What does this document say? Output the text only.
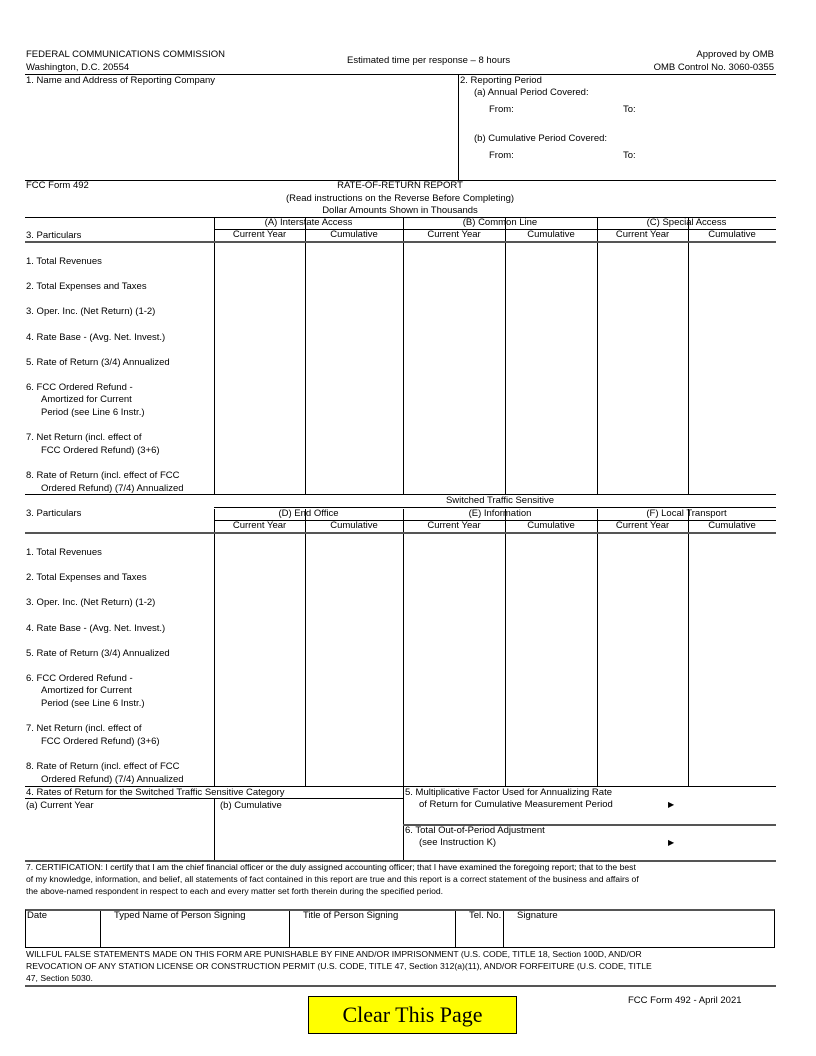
FEDERAL COMMUNICATIONS COMMISSION
Washington, D.C. 20554
Estimated time per response – 8 hours
Approved by OMB
OMB Control No. 3060-0355
1. Name and Address of Reporting Company	2. Reporting Period
(a) Annual Period Covered:
From:	To:
(b) Cumulative Period Covered:
From:	To:
FCC Form 492	RATE-OF-RETURN REPORT
(Read instructions on the Reverse Before Completing)
Dollar Amounts Shown in Thousands
(A) Interstate Access
Current Year	Cumulative
(B) Common Line
Current Year	Cumulative
(C) Special Access
Current Year	Cumulative
3. Particulars
1. Total Revenues
2. Total Expenses and Taxes
3. Oper. Inc. (Net Return) (1-2)
4. Rate Base - (Avg. Net. Invest.)
5. Rate of Return (3/4) Annualized
6. FCC Ordered Refund -
Amortized for Current
Period (see Line 6 Instr.)
7. Net Return (incl. effect of
FCC Ordered Refund) (3+6)
8. Rate of Return (incl. effect of FCC
Ordered Refund) (7/4) Annualized
Switched Traffic Sensitive
(D) End Office
Current Year	Cumulative
(E) Information
Current Year	Cumulative
(F) Local Transport
Current Year	Cumulative
3. Particulars
1. Total Revenues
2. Total Expenses and Taxes
3. Oper. Inc. (Net Return) (1-2)
4. Rate Base - (Avg. Net. Invest.)
5. Rate of Return (3/4) Annualized
6. FCC Ordered Refund -
Amortized for Current
Period (see Line 6 Instr.)
7. Net Return (incl. effect of
FCC Ordered Refund) (3+6)
8. Rate of Return (incl. effect of FCC
Ordered Refund) (7/4) Annualized
Date	Typed Name of Person Signing	Title of Person Signing	Tel. No. Signature
4. Rates of Return for the Switched Traffic Sensitive Category
(a) Current Year	(b) Cumulative
5. Multiplicative Factor Used for Annualizing Rate
of Return for Cumulative Measurement Period	▶
6. Total Out-of-Period Adjustment
(see Instruction K)	▶
7. CERTIFICATION: I certify that I am the chief financial officer or the duly assigned accounting officer; that I have examined the foregoing report; that to the best
of my knowledge, information, and belief, all statements of fact contained in this report are true and this report is a correct statement of the business and affairs of
the above-named respondent in respect to each and every matter set forth therein during the specified period.
WILLFUL FALSE STATEMENTS MADE ON THIS FORM ARE PUNISHABLE BY FINE AND/OR IMPRISONMENT (U.S. CODE, TITLE 18, Section 100D, AND/OR
REVOCATION OF ANY STATION LICENSE OR CONSTRUCTION PERMIT (U.S. CODE, TITLE 47, Section 312(a)(11), AND/OR FORFEITURE (U.S. CODE, TITLE
47, Section 5030.
Clear This Page
FCC Form 492 - April 2021
